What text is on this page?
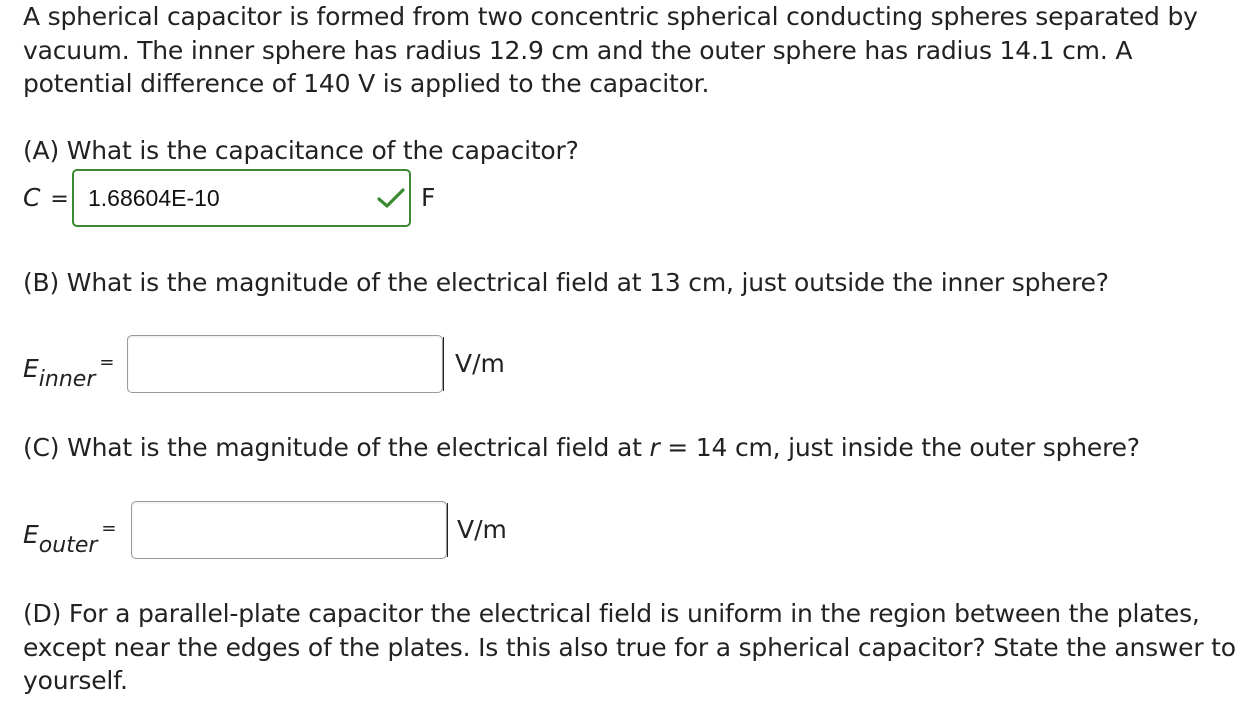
A spherical capacitor is formed from two concentric spherical conducting spheres separated by vacuum. The inner sphere has radius 12.9 cm and the outer sphere has radius 14.1 cm. A potential difference of 140 V is applied to the capacitor.

(A) What is the capacitance of the capacitor?

C = 1.68604E-10	F

(B) What is the magnitude of the electrical field at 13 cm, just outside the inner sphere?

$E_{inner}^=$	V/m

(C) What is the magnitude of the electrical field at r = 14 cm, just inside the outer sphere?

$E_{outer}^=$	V/m

(D) For a parallel-plate capacitor the electrical field is uniform in the region between the plates, except near the edges of the plates. Is this also true for a spherical capacitor? State the answer to yourself.
